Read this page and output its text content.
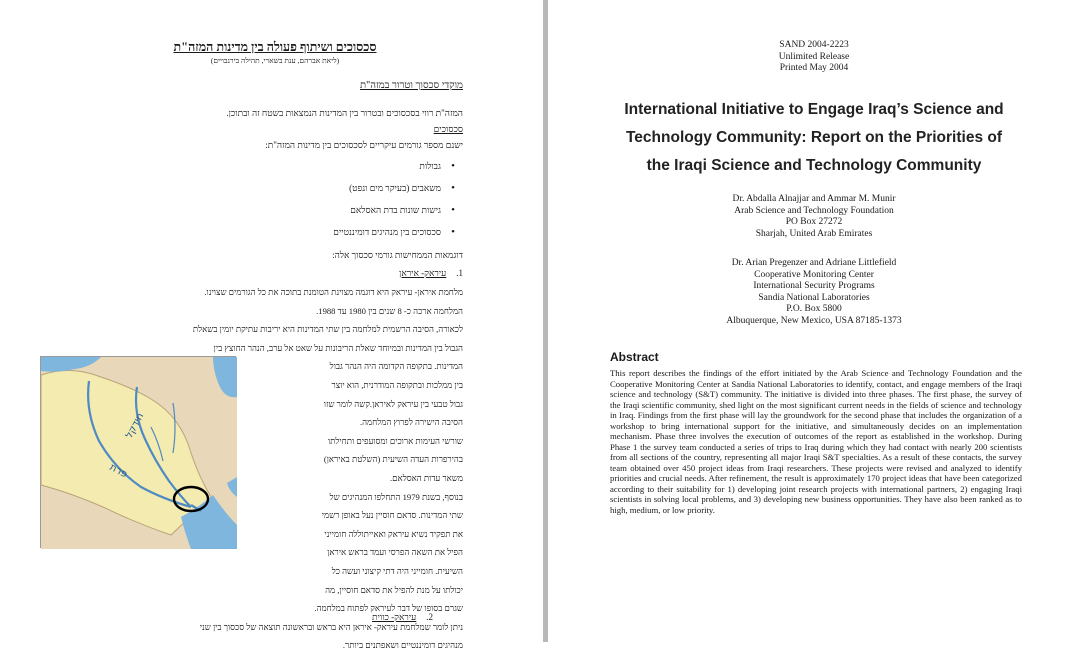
סכסוכים ושיתוף פעולה בין מדינות המזה"ת
(ליאת אברהם, ענת בשארי, תהילה בירנבויים)
מוקדי סכסוך וטרור במזה"ת
המזה"ת רווי בסכסוכים ובטרור בין המדינות הנמצאות בשטח זה ובתוכן.
סכסוכים
ישנם מספר גורמים עיקריים לסכסוכים בין מדינות המזה"ת:
• גבולות
• משאבים (בעיקר מים ונפט)
• גישות שונות בדת האסלאם
• סכסוכים בין מנהיגים דומיננטיים
דוגמאות הממחישות גורמי סכסוך אלה:
1.עיראק- איראן
מלחמת איראן- עיראק היא דוגמה מצוינת הטומנת בתוכה את כל הגורמים שצוינו.
המלחמה ארכה כ- 8 שנים בין 1980 עד 1988.
לכאורה, הסיבה הרשמית למלחמה בין שתי המדינות היא יריבות עתיקת יומין בשאלת
הגבול בין המדינות ובמיוחד שאלת הריבונות על שאט אל ערב, הנהר החוצץ בין
המדינות. בתקופה הקדומה היה הנהר גבול
בין ממלכות ובתקופה המודרנית, הוא יוצר
גבול טבעי בין עיראק לאיראן.קשה לומר שזו
הסיבה הישירה לפרוץ המלחמה.
שורשי העימות ארוכים ומסועפים ותחילתו
בהירפרות העדה השיעית (השלטת באיראן)
משאר עדות האסלאם.
בנוסף, בשנת 1979 התחלפו המנהיגים של
שתי המדינות. סדאם חוסיין נעל באופן רשמי
את תפקיד נשיא עיראק ואאייתוללה חומייני
הפיל את השאה הפרסי ועמד בראש איראן
השיעית. חומייני היה דתי קיצוני ועשה כל
יכולתו על מנת להפיל את סדאם חוסיין, מה
שגרם בסופו של דבר לעיראק לפתוח במלחמה.
ניתן לומר שמלחמת עיראק- איראן היא בראש ובראשונה תוצאה של סכסוך בין שני
מנהיגים דומיננטיים ושאפתנים ביותר.
2.עיראק- כווית
חידקל
פרת
SAND 2004-2223
Unlimited Release
Printed May 2004
International Initiative to Engage Iraq’s Science and
Technology Community: Report on the Priorities of
the Iraqi Science and Technology Community
Dr. Abdalla Alnajjar and Ammar M. Munir
Arab Science and Technology Foundation
PO Box 27272
Sharjah, United Arab Emirates
Dr. Arian Pregenzer and Adriane Littlefield
Cooperative Monitoring Center
International Security Programs
Sandia National Laboratories
P.O. Box 5800
Albuquerque, New Mexico, USA 87185-1373
Abstract
This report describes the findings of the effort initiated by the Arab Science and Technology Foundation and the Cooperative Monitoring Center at Sandia National Laboratories to identify, contact, and engage members of the Iraqi science and technology (S&T) community. The initiative is divided into three phases. The first phase, the survey of the Iraqi scientific community, shed light on the most significant current needs in the fields of science and technology in Iraq. Findings from the first phase will lay the groundwork for the second phase that includes the organization of a workshop to bring international support for the initiative, and simultaneously decides on an implementation mechanism. Phase three involves the execution of outcomes of the report as established in the workshop. During Phase 1 the survey team conducted a series of trips to Iraq during which they had contact with nearly 200 scientists from all sections of the country, representing all major Iraqi S&T specialties. As a result of these contacts, the survey team obtained over 450 project ideas from Iraqi researchers. These projects were revised and analyzed to identify priorities and crucial needs. After refinement, the result is approximately 170 project ideas that have been categorized according to their suitability for 1) developing joint research projects with international partners, 2) engaging Iraqi scientists in solving local problems, and 3) developing new business opportunities. They have also been ranked as to high, medium, or low priority.
